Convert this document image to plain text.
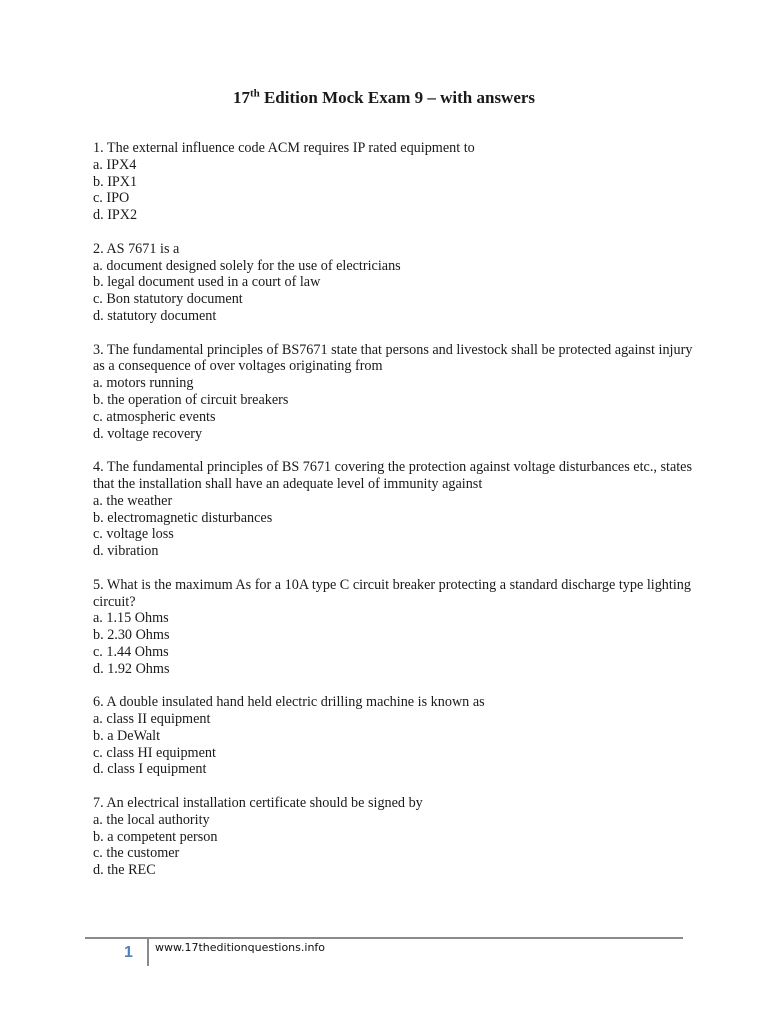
17th Edition Mock Exam 9 – with answers
1. The external influence code ACM requires IP rated equipment to
a. IPX4
b. IPX1
c. IPO
d. IPX2
2. AS 7671 is a
a. document designed solely for the use of electricians
b. legal document used in a court of law
c. Bon statutory document
d. statutory document
3. The fundamental principles of BS7671 state that persons and livestock shall be protected against injury as a consequence of over voltages originating from
a. motors running
b. the operation of circuit breakers
c. atmospheric events
d. voltage recovery
4. The fundamental principles of BS 7671 covering the protection against voltage disturbances etc., states that the installation shall have an adequate level of immunity against
a. the weather
b. electromagnetic disturbances
c. voltage loss
d. vibration
5. What is the maximum As for a 10A type C circuit breaker protecting a standard discharge type lighting circuit?
a. 1.15 Ohms
b. 2.30 Ohms
c. 1.44 Ohms
d. 1.92 Ohms
6. A double insulated hand held electric drilling machine is known as
a. class II equipment
b. a DeWalt
c. class HI equipment
d. class I equipment
7. An electrical installation certificate should be signed by
a. the local authority
b. a competent person
c. the customer
d. the REC
1	www.17theditionquestions.info
